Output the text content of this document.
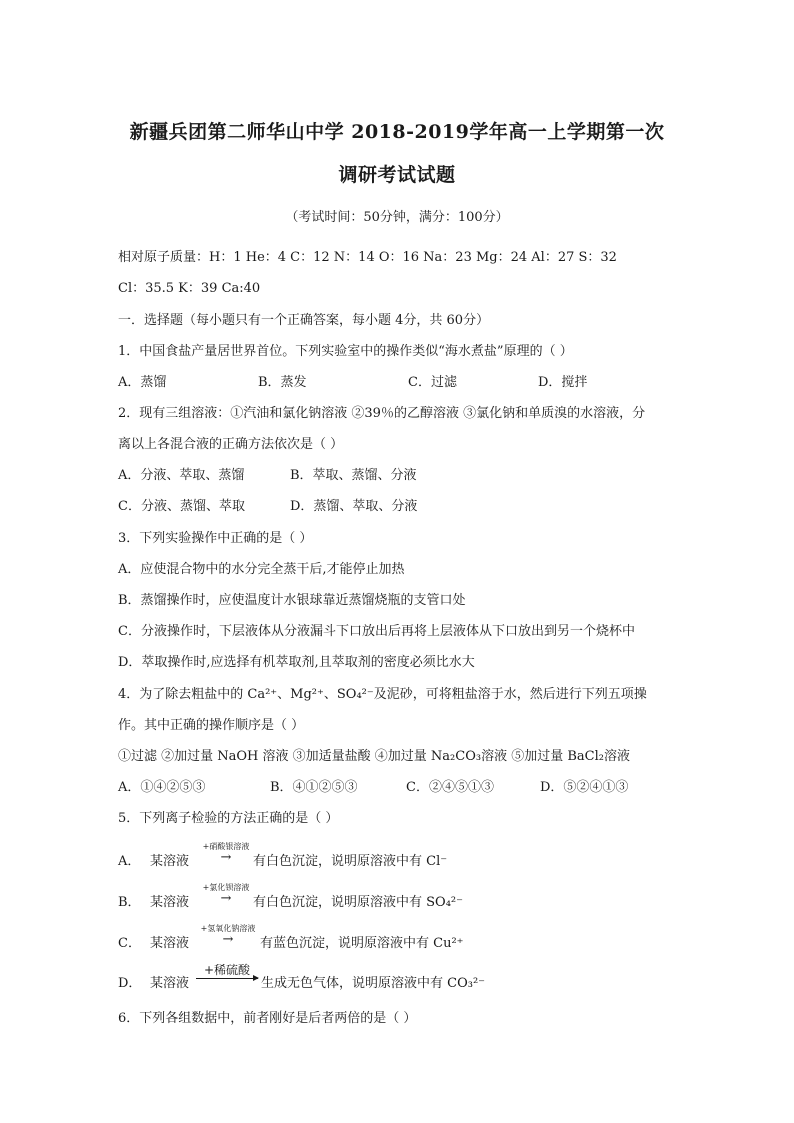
新疆兵团第二师华山中学 2018-2019学年高一上学期第一次
调研考试试题
（考试时间：50分钟，满分：100分）
相对原子质量：H：1 He：4 C：12 N：14 O：16 Na：23 Mg：24 Al：27 S：32
Cl：35.5 K：39 Ca:40
一．选择题（每小题只有一个正确答案，每小题 4分，共 60分）
1．中国食盐产量居世界首位。下列实验室中的操作类似“海水煮盐”原理的（ ）
A．蒸馏	B．蒸发	C．过滤	D．搅拌
2．现有三组溶液：①汽油和氯化钠溶液 ②39％的乙醇溶液 ③氯化钠和单质溴的水溶液，分
离以上各混合液的正确方法依次是（ ）
A．分液、萃取、蒸馏	B．萃取、蒸馏、分液
C．分液、蒸馏、萃取	D．蒸馏、萃取、分液
3．下列实验操作中正确的是（ ）
A．应使混合物中的水分完全蒸干后,才能停止加热
B．蒸馏操作时，应使温度计水银球靠近蒸馏烧瓶的支管口处
C．分液操作时，下层液体从分液漏斗下口放出后再将上层液体从下口放出到另一个烧杯中
D．萃取操作时,应选择有机萃取剂,且萃取剂的密度必须比水大
4．为了除去粗盐中的 Ca²⁺、Mg²⁺、SO₄²⁻及泥砂，可将粗盐溶于水，然后进行下列五项操
作。其中正确的操作顺序是（ ）
①过滤 ②加过量 NaOH 溶液 ③加适量盐酸 ④加过量 Na₂CO₃溶液 ⑤加过量 BaCl₂溶液
A．①④②⑤③	B．④①②⑤③	C．②④⑤①③	D．⑤②④①③
5．下列离子检验的方法正确的是（ ）
A． 某溶液
+硝酸银溶液
→	有白色沉淀，说明原溶液中有 Cl⁻
B． 某溶液
+氯化钡溶液
→	有白色沉淀，说明原溶液中有 SO₄²⁻
C． 某溶液
+氢氧化钠溶液
→	有蓝色沉淀，说明原溶液中有 Cu²⁺
D． 某溶液
+稀硫酸
生成无色气体，说明原溶液中有 CO₃²⁻
6．下列各组数据中，前者刚好是后者两倍的是（ ）
